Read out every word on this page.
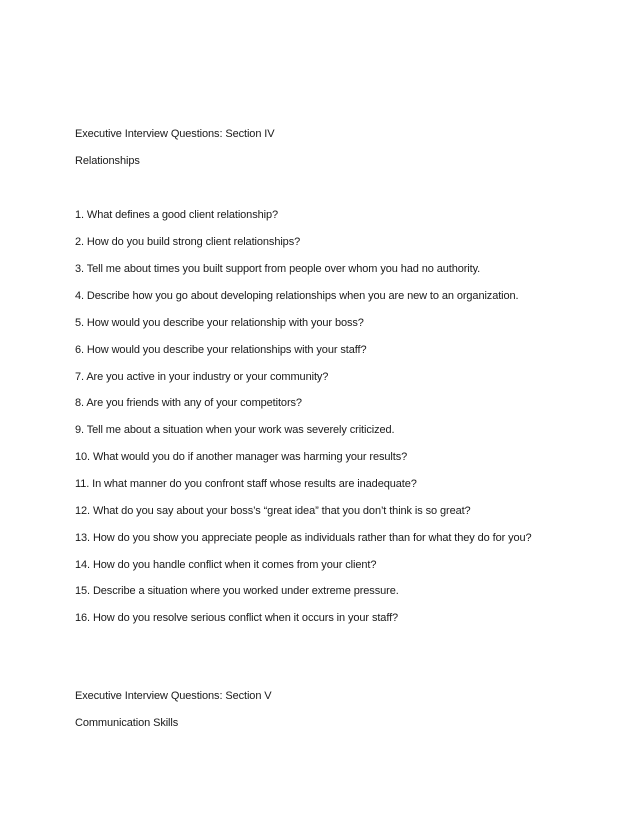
Executive Interview Questions: Section IV
Relationships
1. What defines a good client relationship?
2. How do you build strong client relationships?
3. Tell me about times you built support from people over whom you had no authority.
4. Describe how you go about developing relationships when you are new to an organization.
5. How would you describe your relationship with your boss?
6. How would you describe your relationships with your staff?
7. Are you active in your industry or your community?
8. Are you friends with any of your competitors?
9. Tell me about a situation when your work was severely criticized.
10. What would you do if another manager was harming your results?
11. In what manner do you confront staff whose results are inadequate?
12. What do you say about your boss’s “great idea” that you don’t think is so great?
13. How do you show you appreciate people as individuals rather than for what they do for you?
14. How do you handle conflict when it comes from your client?
15. Describe a situation where you worked under extreme pressure.
16. How do you resolve serious conflict when it occurs in your staff?
Executive Interview Questions: Section V
Communication Skills
